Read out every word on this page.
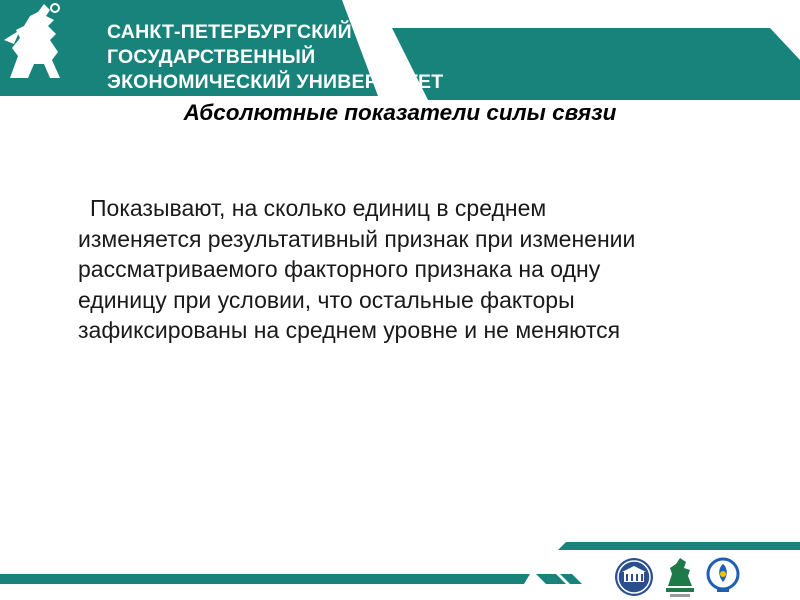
САНКТ-ПЕТЕРБУРГСКИЙ
ГОСУДАРСТВЕННЫЙ
ЭКОНОМИЧЕСКИЙ УНИВЕРСИТЕТ
Абсолютные показатели силы связи
Показывают, на сколько единиц в среднем
изменяется результативный признак при изменении
рассматриваемого факторного признака на одну
единицу при условии, что остальные факторы
зафиксированы на среднем уровне и не меняются
